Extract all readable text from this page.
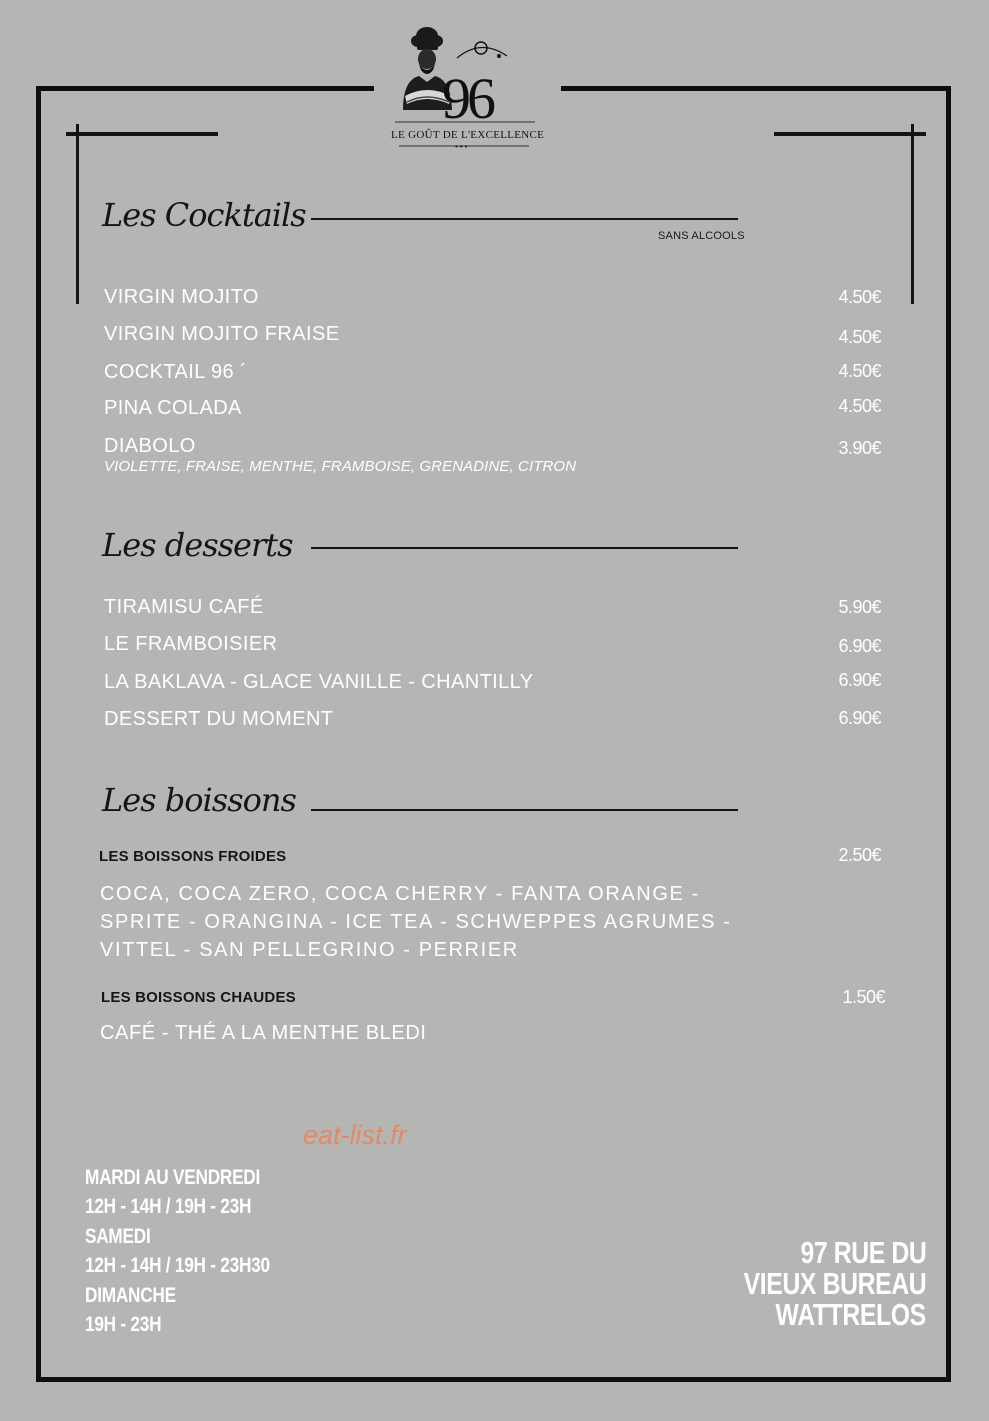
96
LE GOÛT DE L'EXCELLENCE
•••
Les Cocktails
SANS ALCOOLS
VIRGIN MOJITO	4.50€
VIRGIN MOJITO FRAISE	4.50€
COCKTAIL 96 ´	4.50€
PINA COLADA	4.50€
DIABOLO	3.90€
VIOLETTE, FRAISE, MENTHE, FRAMBOISE, GRENADINE, CITRON
Les desserts
TIRAMISU CAFÉ	5.90€
LE FRAMBOISIER	6.90€
LA BAKLAVA - GLACE VANILLE - CHANTILLY	6.90€
DESSERT DU MOMENT	6.90€
Les boissons
LES BOISSONS FROIDES	2.50€
COCA, COCA ZERO, COCA CHERRY - FANTA ORANGE -
SPRITE - ORANGINA - ICE TEA - SCHWEPPES AGRUMES -
VITTEL - SAN PELLEGRINO - PERRIER
LES BOISSONS CHAUDES	1.50€
CAFÉ - THÉ A LA MENTHE BLEDI
eat-list.fr
MARDI AU VENDREDI
12H - 14H / 19H - 23H
SAMEDI
12H - 14H / 19H - 23H30
DIMANCHE
19H - 23H
97 RUE DU
VIEUX BUREAU
WATTRELOS
